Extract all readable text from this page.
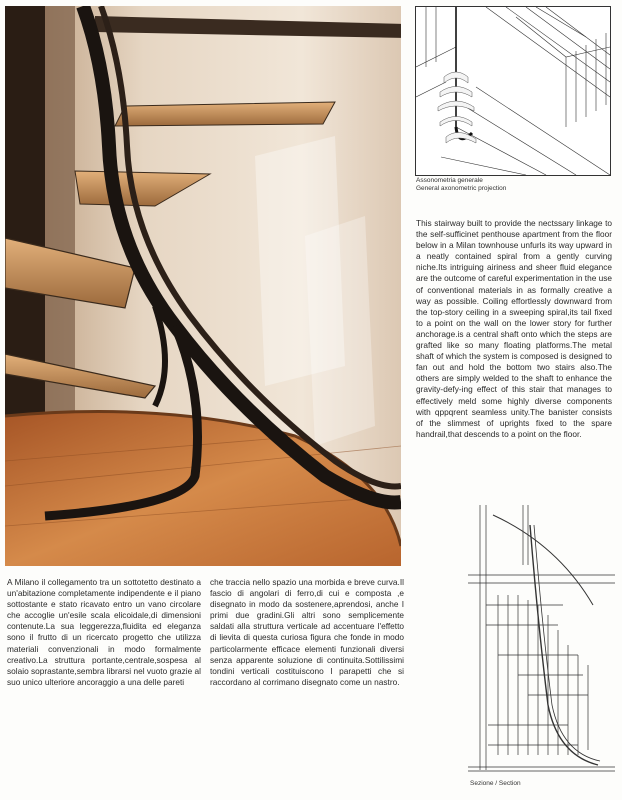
Assonometria generale
General axonometric projection
This stairway built to provide the nectssary linkage to the self-sufficinet penthouse apartment from the floor below in a Milan townhouse unfurls its way upward in a neatly contained spiral from a gently curving niche.Its intriguing airiness and sheer fluid elegance are the outcome of careful experimentation in the use of conventional materials in as formally creative a way as possible. Coiling effortlessly downward from the top-story ceiling in a sweeping spiral,its tail fixed to a point on the wall on the lower story for further anchorage.is a central shaft onto which the steps are grafted like so many floating platforms.The metal shaft of which the system is composed is designed to fan out and hold the bottom two stairs also.The others are simply welded to the shaft to enhance the gravity-defy-ing effect of this stair that manages to effectively meld some highly diverse components with qppqrent seamless unity.The banister consists of the slimmest of uprights fixed to the spare handrail,that descends to a point on the floor.
A Milano il collegamento tra un sottotetto destinato a un'abitazione completamente indipendente e il piano sottostante e stato ricavato entro un vano circolare che accoglie un'esile scala elicoidale,di dimensioni contenute.La sua leggerezza,fluidita ed eleganza sono il frutto di un ricercato progetto che utilizza materiali convenzionali in modo formalmente creativo.La struttura portante,centrale,sospesa al solaio soprastante,sembra librarsi nel vuoto grazie al suo unico ulteriore ancoraggio a una delle pareti
che traccia nello spazio una morbida e breve curva.Il fascio di angolari di ferro,di cui e composta ,e disegnato in modo da sostenere,aprendosi, anche I primi due gradini.Gli altri sono semplicemente saldati alla struttura verticale ad accentuare l'effetto di lievita di questa curiosa figura che fonde in modo particolarmente efficace elementi funzionali diversi senza apparente soluzione di continuita.Sottilissimi tondini verticali costituiscono I parapetti che si raccordano al corrimano disegnato come un nastro.
Sezione / Section
